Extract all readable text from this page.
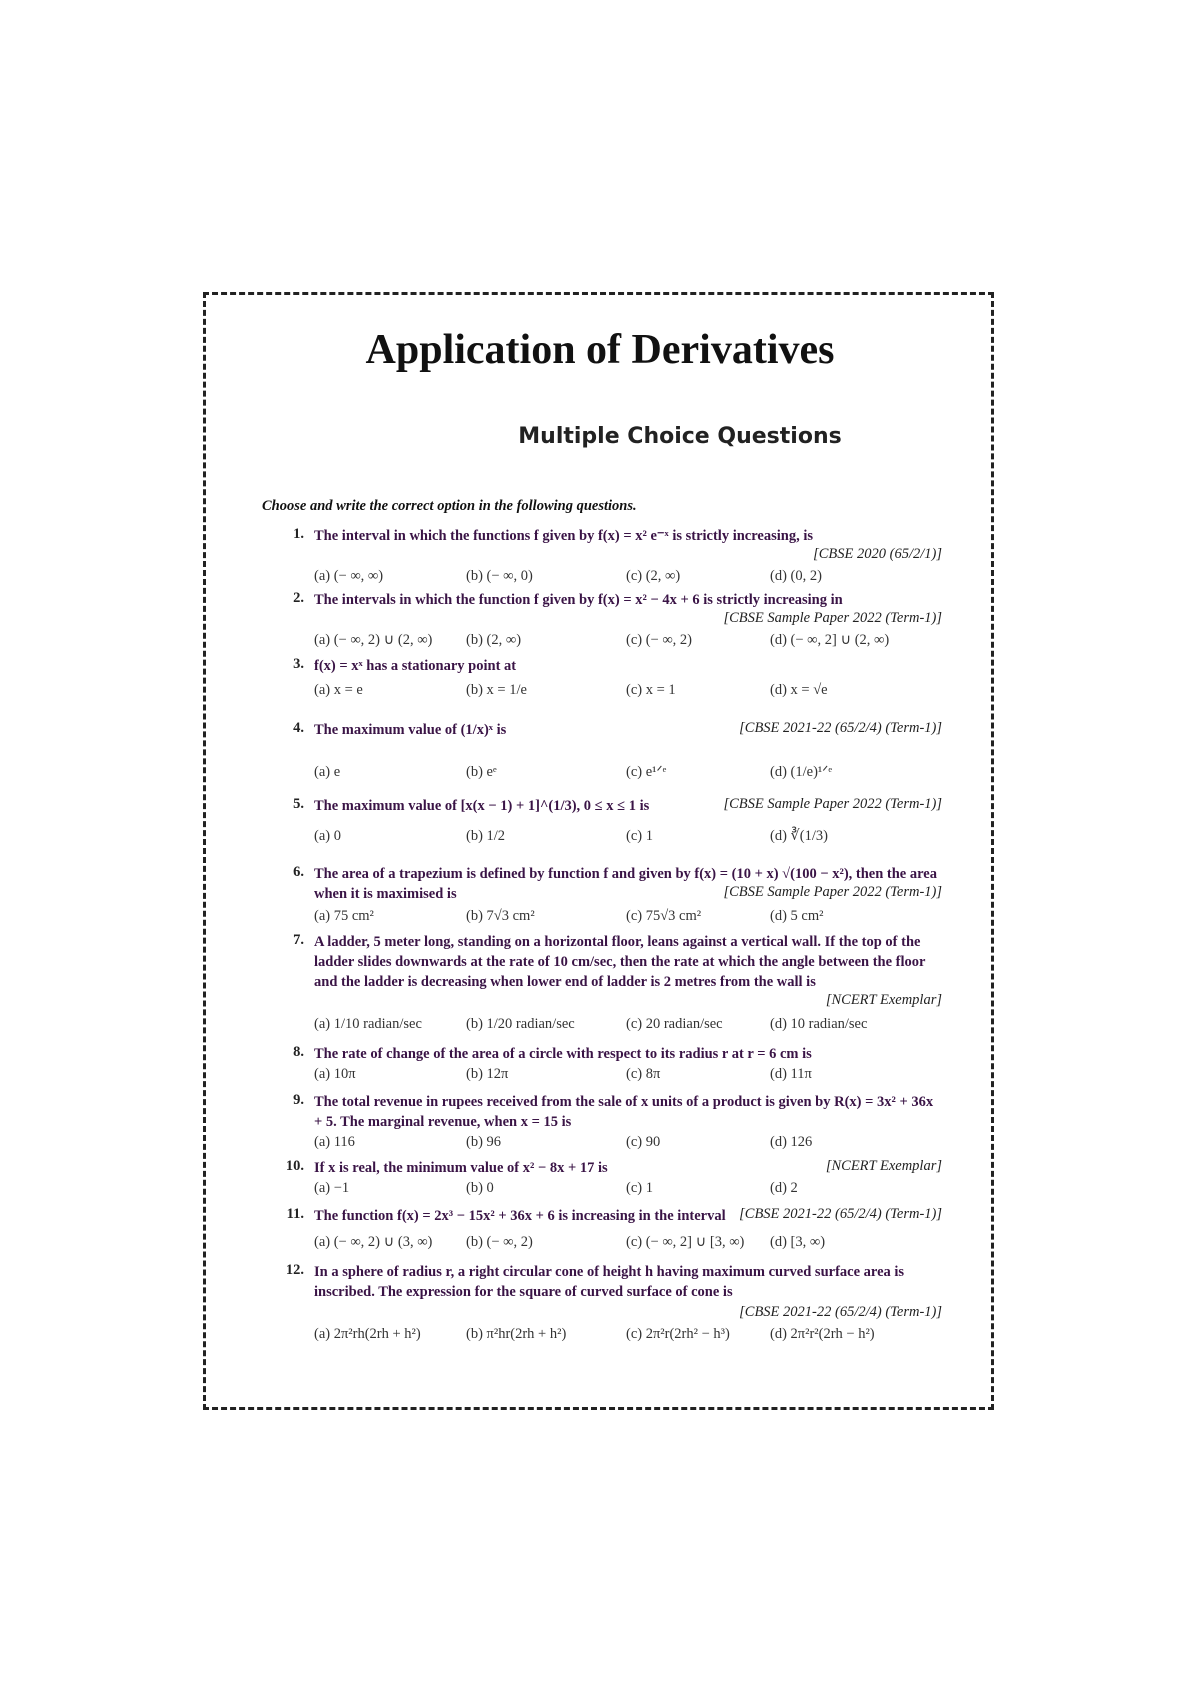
Application of Derivatives
Multiple Choice Questions
Choose and write the correct option in the following questions.
1. The interval in which the functions f given by f(x) = x² e⁻ˣ is strictly increasing, is
[CBSE 2020 (65/2/1)]
(a) (− ∞, ∞)	(b) (− ∞, 0)	(c) (2, ∞)	(d) (0, 2)
2. The intervals in which the function f given by f(x) = x² − 4x + 6 is strictly increasing in
[CBSE Sample Paper 2022 (Term-1)]
(a) (− ∞, 2) ∪ (2, ∞) (b) (2, ∞)	(c) (− ∞, 2)	(d) (− ∞, 2] ∪ (2, ∞)
3. f(x) = xˣ has a stationary point at
(a) x = e	(b) x = 1/e	(c) x = 1	(d) x = √e
4. The maximum value of (1/x)ˣ is	[CBSE 2021-22 (65/2/4) (Term-1)]
(a) e	(b) eᵉ	(c) e¹ᐟᵉ	(d) (1/e)¹ᐟᵉ
5. The maximum value of [x(x − 1) + 1]^(1/3), 0 ≤ x ≤ 1 is	[CBSE Sample Paper 2022 (Term-1)]
(a) 0	(b) 1/2	(c) 1	(d) ∛(1/3)
6. The area of a trapezium is defined by function f and given by f(x) = (10 + x) √(100 − x²), then the area when it is maximised is	[CBSE Sample Paper 2022 (Term-1)]
(a) 75 cm²	(b) 7√3 cm²	(c) 75√3 cm²	(d) 5 cm²
7. A ladder, 5 meter long, standing on a horizontal floor, leans against a vertical wall. If the top of the ladder slides downwards at the rate of 10 cm/sec, then the rate at which the angle between the floor and the ladder is decreasing when lower end of ladder is 2 metres from the wall is
[NCERT Exemplar]
(a) 1/10 radian/sec	(b) 1/20 radian/sec	(c) 20 radian/sec	(d) 10 radian/sec
8. The rate of change of the area of a circle with respect to its radius r at r = 6 cm is
(a) 10π	(b) 12π	(c) 8π	(d) 11π
9. The total revenue in rupees received from the sale of x units of a product is given by R(x) = 3x² + 36x + 5. The marginal revenue, when x = 15 is
(a) 116	(b) 96	(c) 90	(d) 126
10. If x is real, the minimum value of x² − 8x + 17 is	[NCERT Exemplar]
(a) −1	(b) 0	(c) 1	(d) 2
11. The function f(x) = 2x³ − 15x² + 36x + 6 is increasing in the interval [CBSE 2021-22 (65/2/4) (Term-1)]
(a) (− ∞, 2) ∪ (3, ∞) (b) (− ∞, 2)	(c) (− ∞, 2] ∪ [3, ∞) (d) [3, ∞)
12. In a sphere of radius r, a right circular cone of height h having maximum curved surface area is inscribed. The expression for the square of curved surface of cone is
[CBSE 2021-22 (65/2/4) (Term-1)]
(a) 2π²rh(2rh + h²)	(b) π²hr(2rh + h²)	(c) 2π²r(2rh² − h³)	(d) 2π²r²(2rh − h²)
